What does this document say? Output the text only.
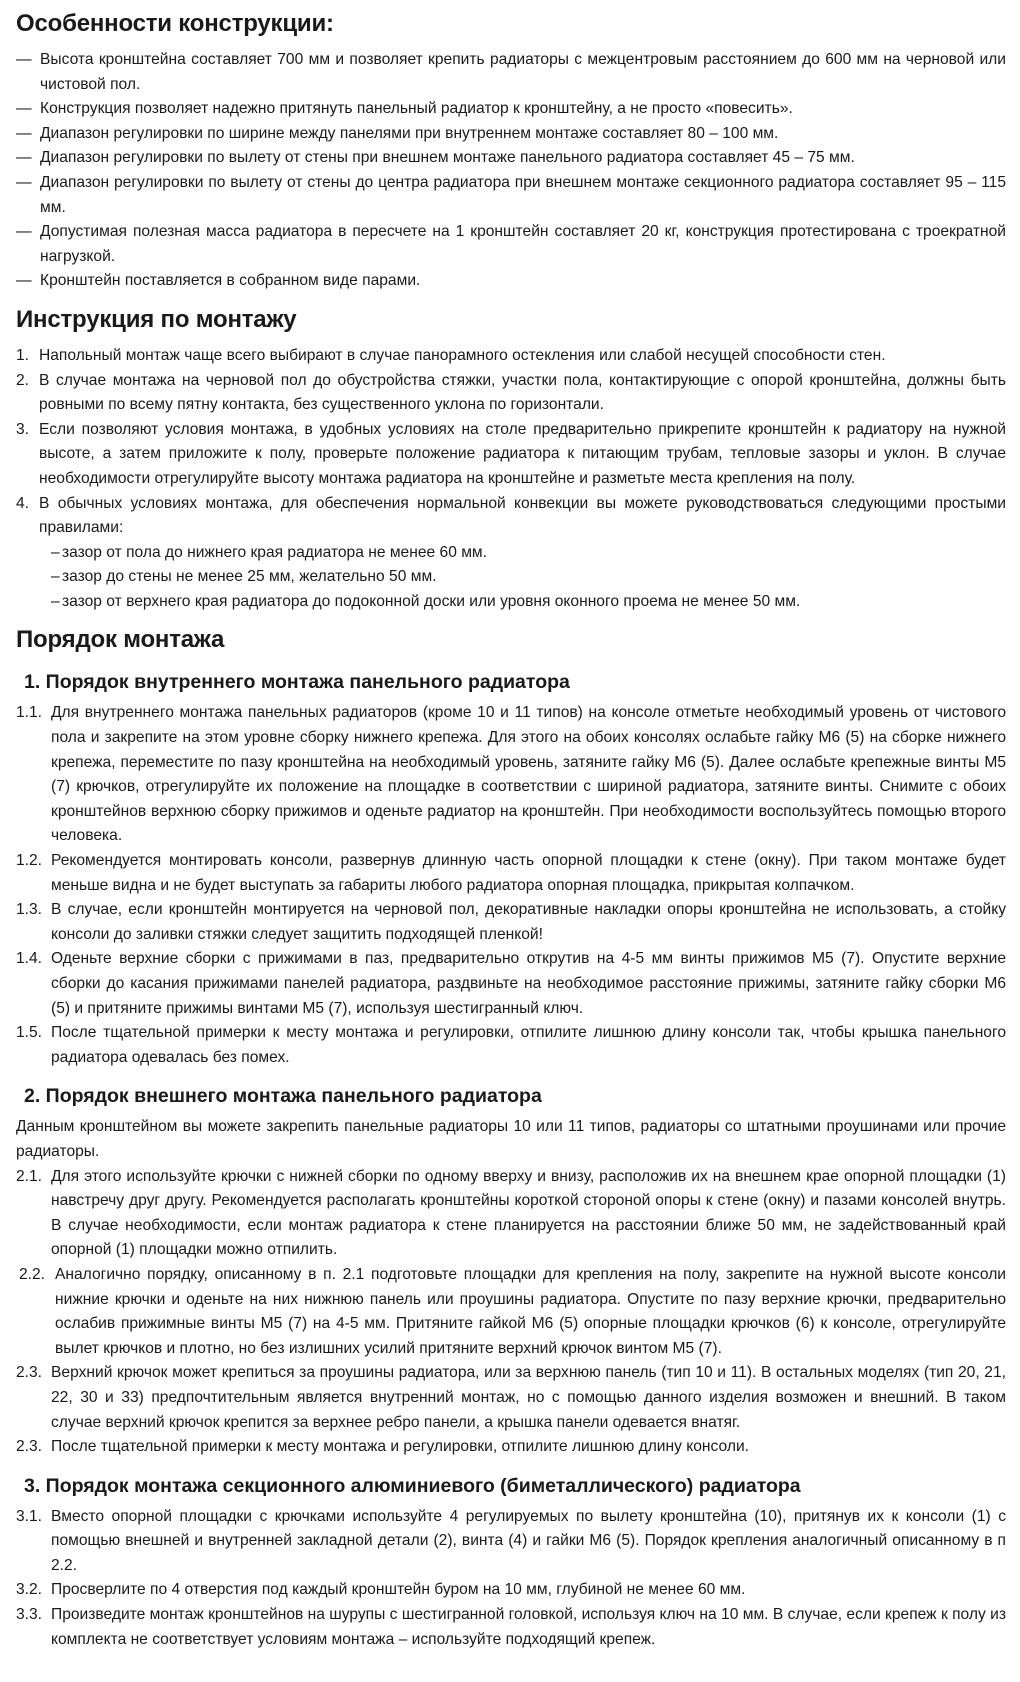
Особенности конструкции:
— Высота кронштейна составляет 700 мм и позволяет крепить радиаторы с межцентровым расстоянием до 600 мм на черновой или чистовой пол.
— Конструкция позволяет надежно притянуть панельный радиатор к кронштейну, а не просто «повесить».
— Диапазон регулировки по ширине между панелями при внутреннем монтаже составляет 80 – 100 мм.
— Диапазон регулировки по вылету от стены при внешнем монтаже панельного радиатора составляет 45 – 75 мм.
— Диапазон регулировки по вылету от стены до центра радиатора при внешнем монтаже секционного радиатора составляет 95 – 115 мм.
— Допустимая полезная масса радиатора в пересчете на 1 кронштейн составляет 20 кг, конструкция протестирована с троекратной нагрузкой.
— Кронштейн поставляется в собранном виде парами.
Инструкция по монтажу
1. Напольный монтаж чаще всего выбирают в случае панорамного остекления или слабой несущей способности стен.
2. В случае монтажа на черновой пол до обустройства стяжки, участки пола, контактирующие с опорой кронштейна, должны быть ровными по всему пятну контакта, без существенного уклона по горизонтали.
3. Если позволяют условия монтажа, в удобных условиях на столе предварительно прикрепите кронштейн к радиатору на нужной высоте, а затем приложите к полу, проверьте положение радиатора к питающим трубам, тепловые зазоры и уклон. В случае необходимости отрегулируйте высоту монтажа радиатора на кронштейне и разметьте места крепления на полу.
4. В обычных условиях монтажа, для обеспечения нормальной конвекции вы можете руководствоваться следующими простыми правилами:
– зазор от пола до нижнего края радиатора не менее 60 мм.
– зазор до стены не менее 25 мм, желательно 50 мм.
– зазор от верхнего края радиатора до подоконной доски или уровня оконного проема не менее 50 мм.
Порядок монтажа
1. Порядок внутреннего монтажа панельного радиатора
1.1. Для внутреннего монтажа панельных радиаторов (кроме 10 и 11 типов) на консоле отметьте необходимый уровень от чистового пола и закрепите на этом уровне сборку нижнего крепежа. Для этого на обоих консолях ослабьте гайку М6 (5) на сборке нижнего крепежа, переместите по пазу кронштейна на необходимый уровень, затяните гайку М6 (5). Далее ослабьте крепежные винты М5 (7) крючков, отрегулируйте их положение на площадке в соответствии с шириной радиатора, затяните винты. Снимите с обоих кронштейнов верхнюю сборку прижимов и оденьте радиатор на кронштейн. При необходимости воспользуйтесь помощью второго человека.
1.2. Рекомендуется монтировать консоли, развернув длинную часть опорной площадки к стене (окну). При таком монтаже будет меньше видна и не будет выступать за габариты любого радиатора опорная площадка, прикрытая колпачком.
1.3. В случае, если кронштейн монтируется на черновой пол, декоративные накладки опоры кронштейна не использовать, а стойку консоли до заливки стяжки следует защитить подходящей пленкой!
1.4. Оденьте верхние сборки с прижимами в паз, предварительно открутив на 4-5 мм винты прижимов М5 (7). Опустите верхние сборки до касания прижимами панелей радиатора, раздвиньте на необходимое расстояние прижимы, затяните гайку сборки М6 (5) и притяните прижимы винтами М5 (7), используя шестигранный ключ.
1.5. После тщательной примерки к месту монтажа и регулировки, отпилите лишнюю длину консоли так, чтобы крышка панельного радиатора одевалась без помех.
2. Порядок внешнего монтажа панельного радиатора

Данным кронштейном вы можете закрепить панельные радиаторы 10 или 11 типов, радиаторы со штатными проушинами или прочие радиаторы.

2.1. Для этого используйте крючки с нижней сборки по одному вверху и внизу, расположив их на внешнем крае опорной площадки (1) навстречу друг другу. Рекомендуется располагать кронштейны короткой стороной опоры к стене (окну) и пазами консолей внутрь. В случае необходимости, если монтаж радиатора к стене планируется на расстоянии ближе 50 мм, не задействованный край опорной (1) площадки можно отпилить.
2.2. Аналогично порядку, описанному в п. 2.1 подготовьте площадки для крепления на полу, закрепите на нужной высоте консоли нижние крючки и оденьте на них нижнюю панель или проушины радиатора. Опустите по пазу верхние крючки, предварительно ослабив прижимные винты М5 (7) на 4-5 мм. Притяните гайкой М6 (5) опорные площадки крючков (6) к консоле, отрегулируйте вылет крючков и плотно, но без излишних усилий притяните верхний крючок винтом М5 (7).
2.3. Верхний крючок может крепиться за проушины радиатора, или за верхнюю панель (тип 10 и 11). В остальных моделях (тип 20, 21, 22, 30 и 33) предпочтительным является внутренний монтаж, но с помощью данного изделия возможен и внешний. В таком случае верхний крючок крепится за верхнее ребро панели, а крышка панели одевается внатяг.
2.3. После тщательной примерки к месту монтажа и регулировки, отпилите лишнюю длину консоли.
3. Порядок монтажа секционного алюминиевого (биметаллического) радиатора
3.1. Вместо опорной площадки с крючками используйте 4 регулируемых по вылету кронштейна (10), притянув их к консоли (1) с помощью внешней и внутренней закладной детали (2), винта (4) и гайки М6 (5). Порядок крепления аналогичный описанному в п 2.2.
3.2. Просверлите по 4 отверстия под каждый кронштейн буром на 10 мм, глубиной не менее 60 мм.
3.3. Произведите монтаж кронштейнов на шурупы с шестигранной головкой, используя ключ на 10 мм. В случае, если крепеж к полу из комплекта не соответствует условиям монтажа – используйте подходящий крепеж.
